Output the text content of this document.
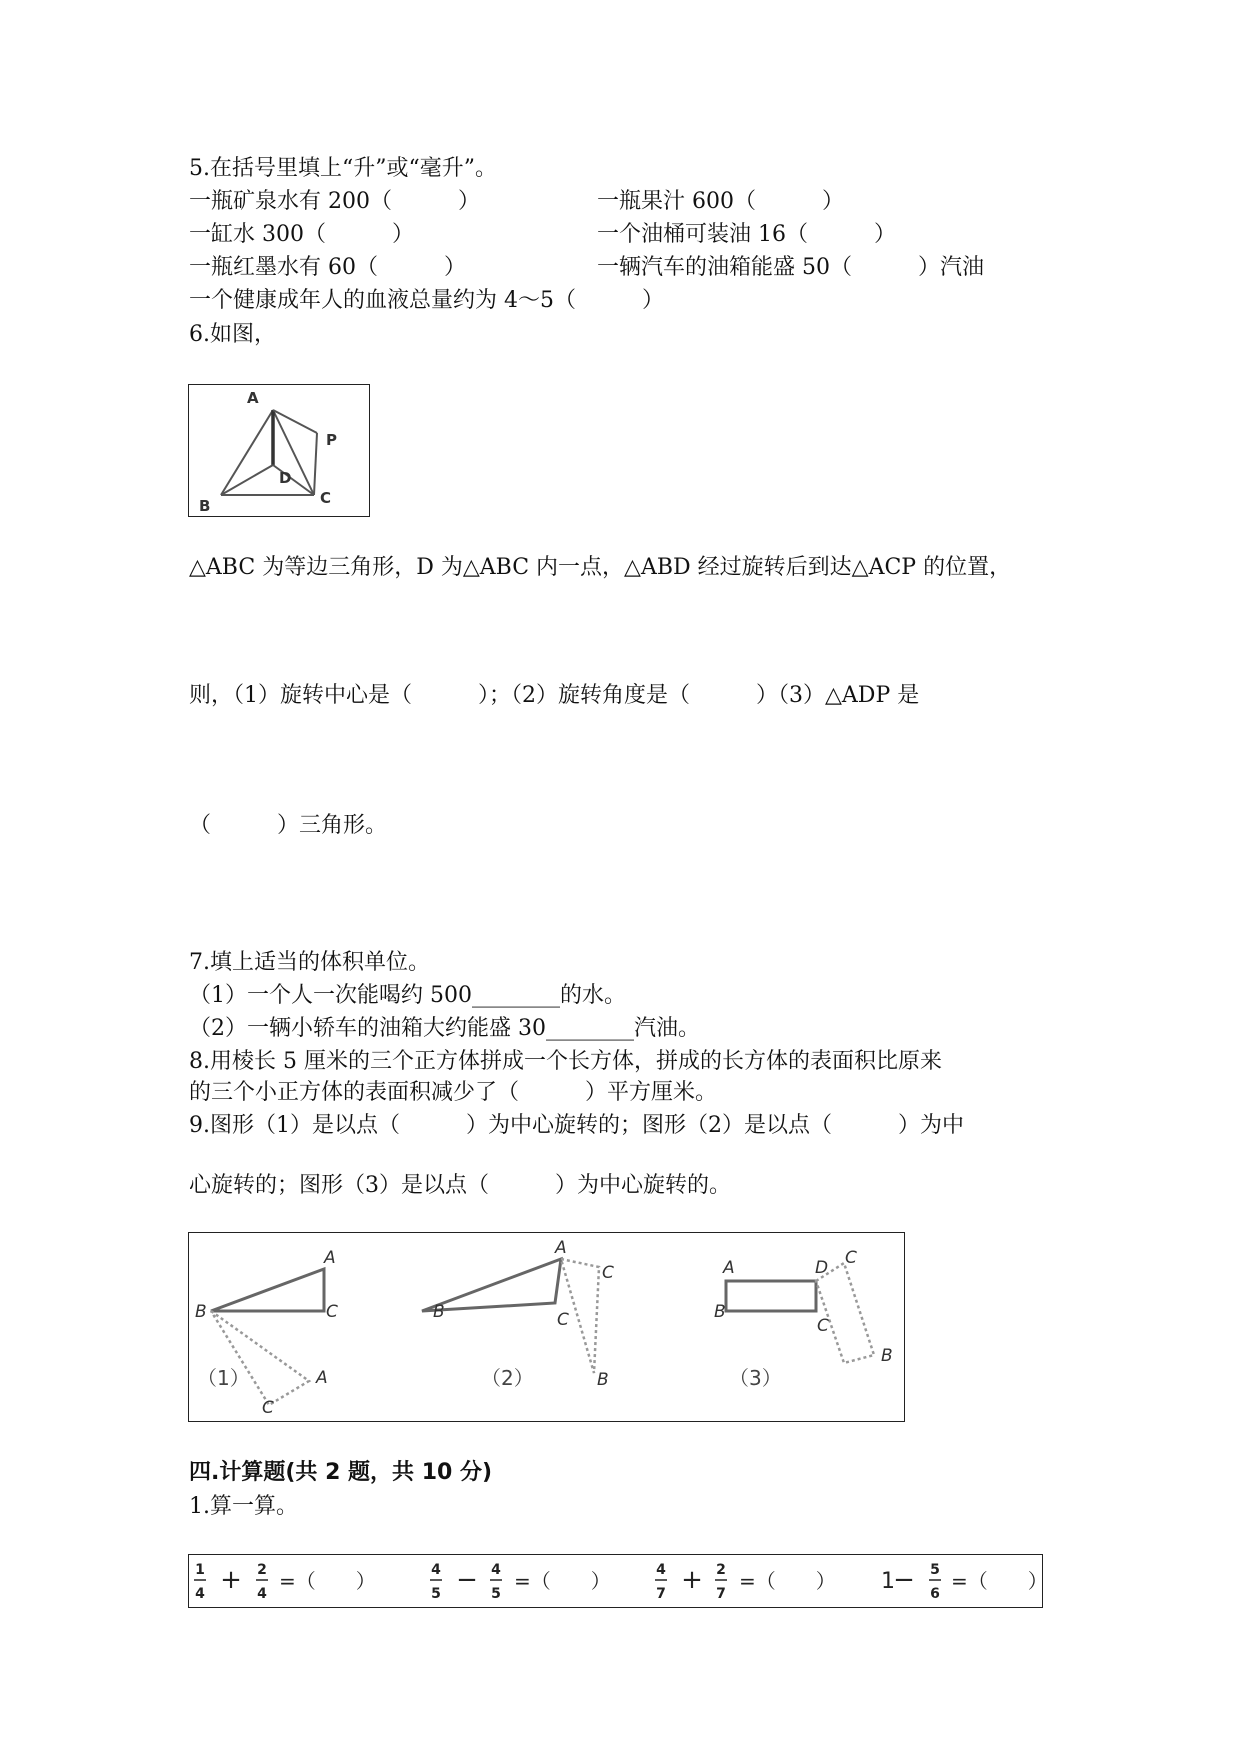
5.在括号里填上“升”或“毫升”。
一瓶矿泉水有 200（　　　）	一瓶果汁 600（　　　）
一缸水 300（　　　）	一个油桶可装油 16（　　　）
一瓶红墨水有 60（　　　）	一辆汽车的油箱能盛 50（　　　）汽油
一个健康成年人的血液总量约为 4～5（　　　）
6.如图，
A
B	C
D
P
△ABC 为等边三角形，D 为△ABC 内一点，△ABD 经过旋转后到达△ACP 的位置，
则，（1）旋转中心是（　　　）；（2）旋转角度是（　　　）（3）△ADP 是
（　　　）三角形。
7.填上适当的体积单位。
（1）一个人一次能喝约 500________的水。
（2）一辆小轿车的油箱大约能盛 30________汽油。
8.用棱长 5 厘米的三个正方体拼成一个长方体，拼成的长方体的表面积比原来
的三个小正方体的表面积减少了（　　　）平方厘米。
9.图形（1）是以点（　　　）为中心旋转的；图形（2）是以点（　　　）为中
心旋转的；图形（3）是以点（　　　）为中心旋转的。
A
B	C
A
C
（1）
A
B	C
C
B
（2）
A
B
D
C
C
B
（3）
四.计算题(共 2 题，共 10 分)
1.算一算。
1
4 + 2
4
=（　　）	4
5 − 4
5
=（　　）	4
7 + 2
7
=（　　） 1
− 5
6
=（　　）
